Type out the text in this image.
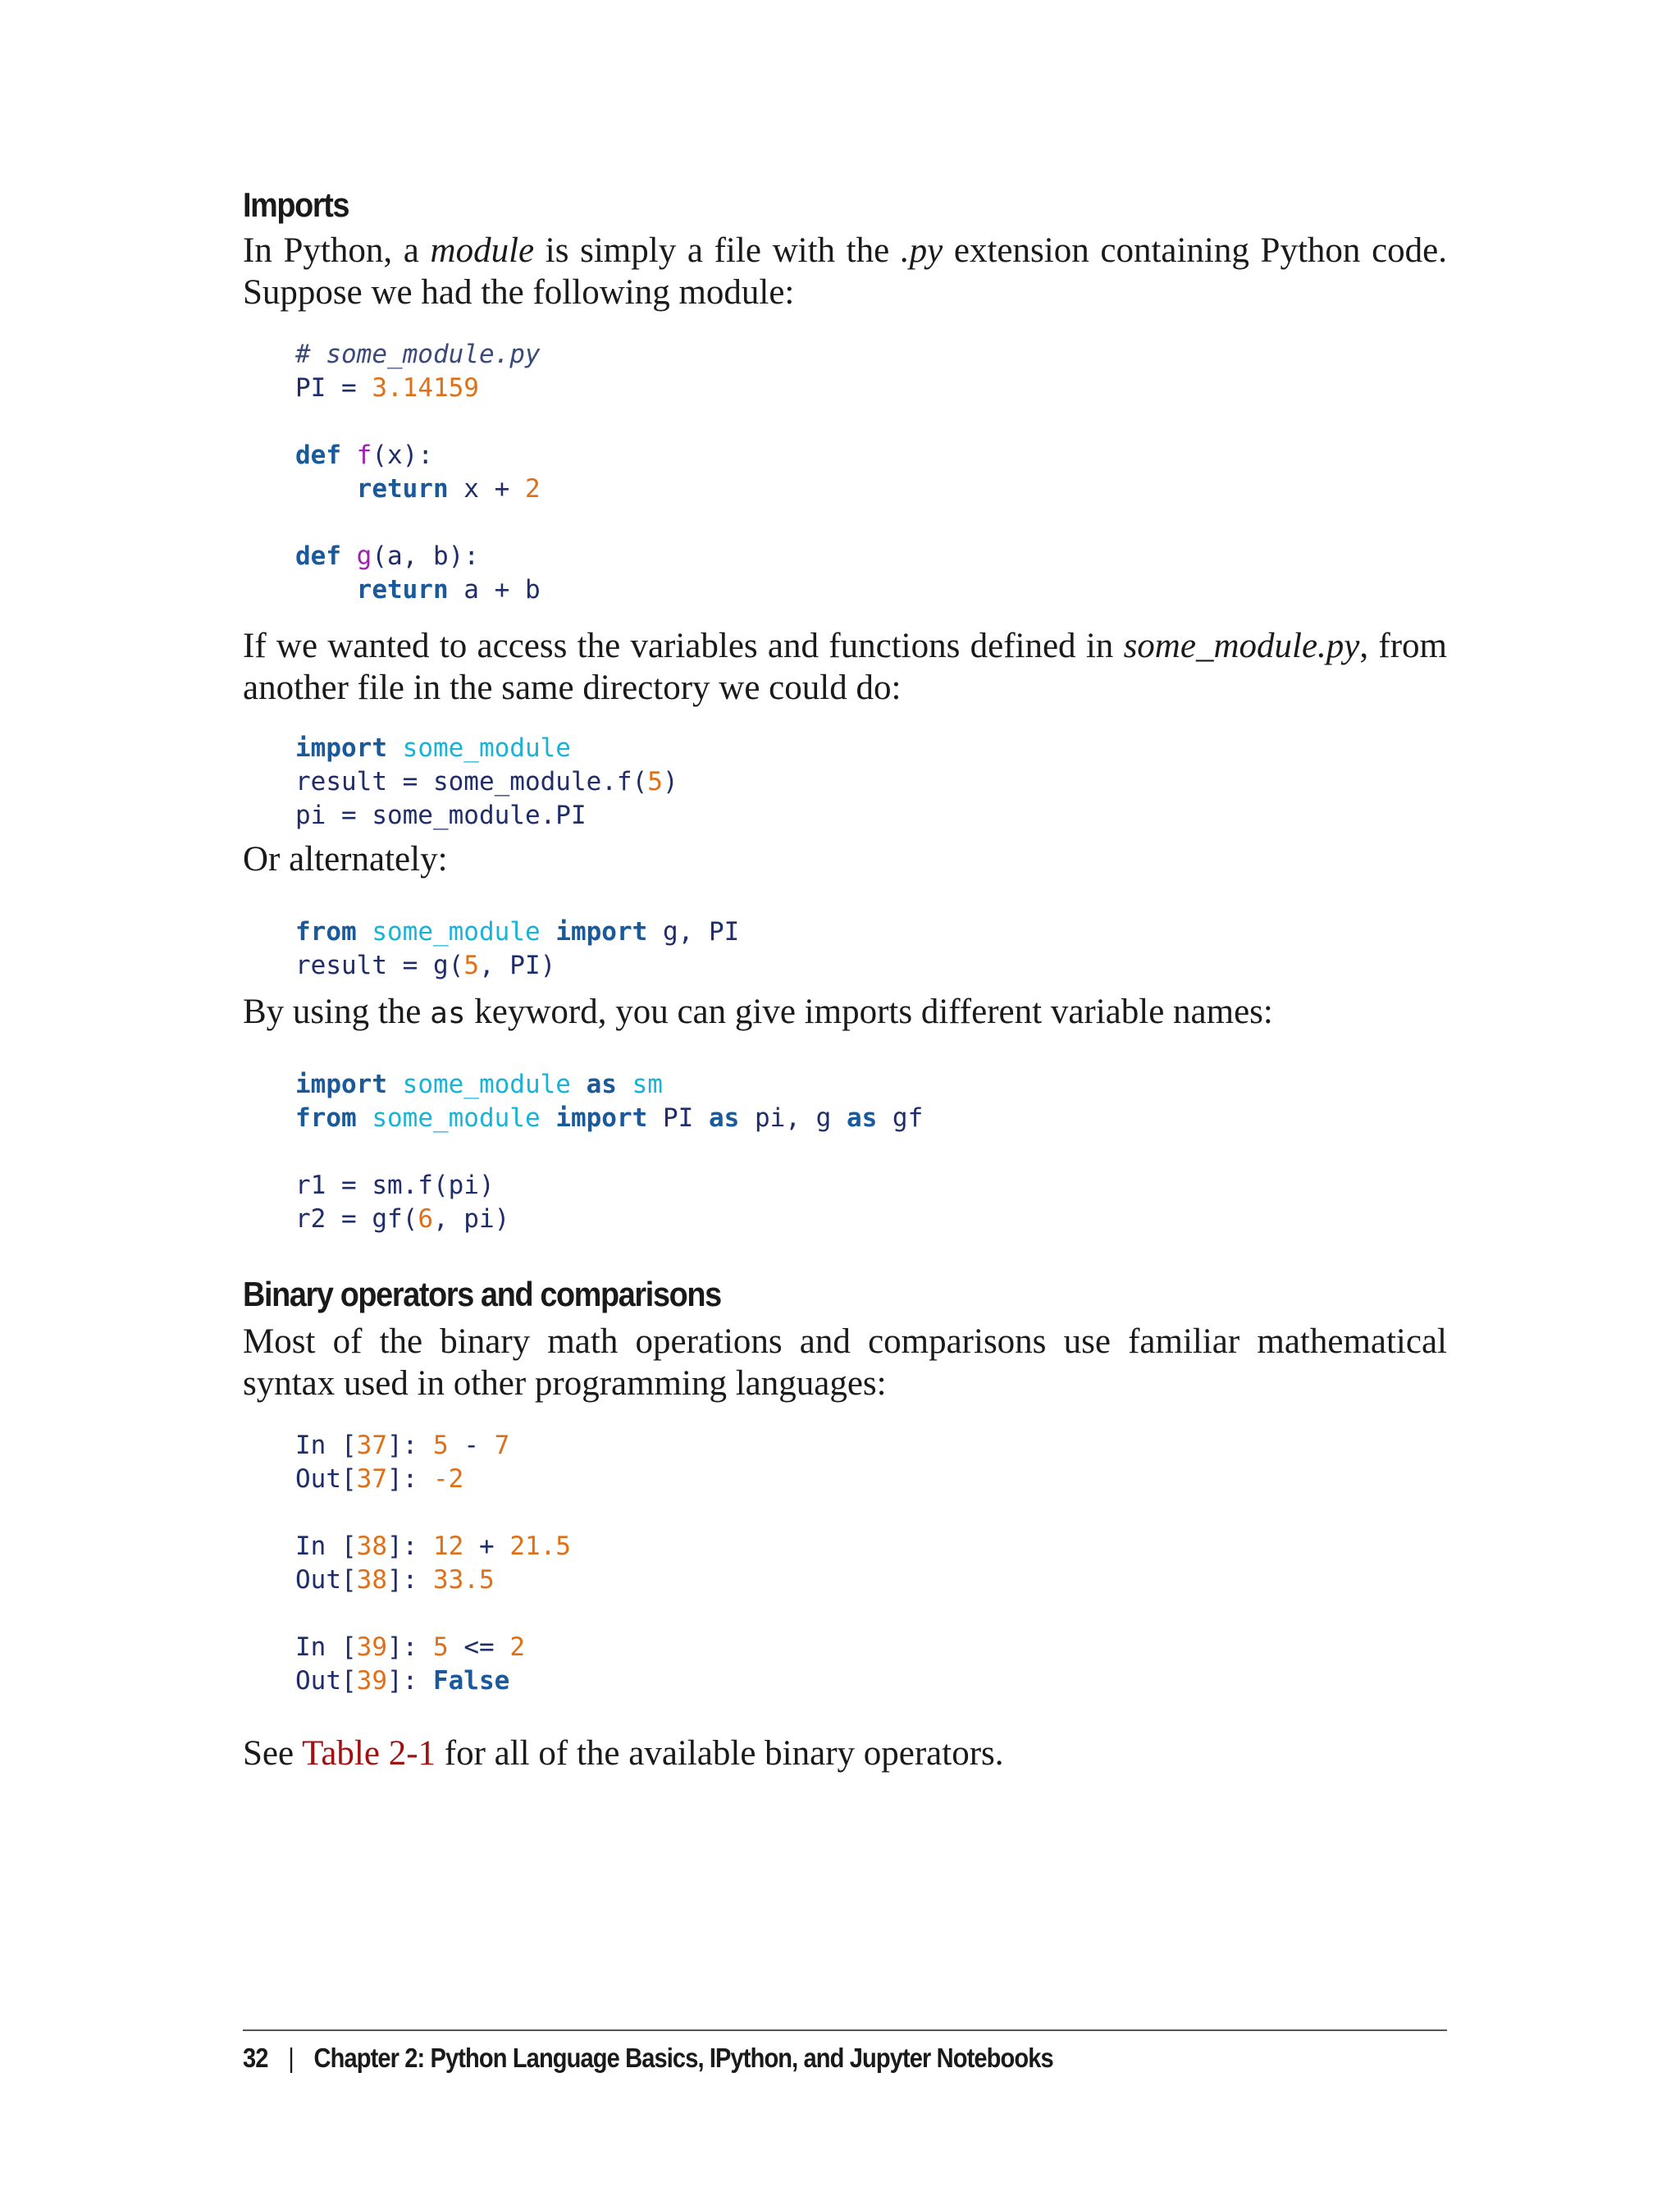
Imports

In Python, a module is simply a file with the .py extension containing Python code. Suppose we had the following module:

# some_module.py
PI = 3.14159

def f(x):
return x + 2

def g(a, b):
return a + b

If we wanted to access the variables and functions defined in some_module.py, from another file in the same directory we could do:

import some_module
result = some_module.f(5)
pi = some_module.PI

Or alternately:

from some_module import g, PI
result = g(5, PI)

By using the as keyword, you can give imports different variable names:

import some_module as sm
from some_module import PI as pi, g as gf

r1 = sm.f(pi)
r2 = gf(6, pi)
Binary operators and comparisons

Most of the binary math operations and comparisons use familiar mathematical syntax used in other programming languages:

In [37]: 5 - 7
Out[37]: -2

In [38]: 12 + 21.5
Out[38]: 33.5

In [39]: 5 <= 2
Out[39]: False

See Table 2-1 for all of the available binary operators.

32 | Chapter 2: Python Language Basics, IPython, and Jupyter Notebooks
